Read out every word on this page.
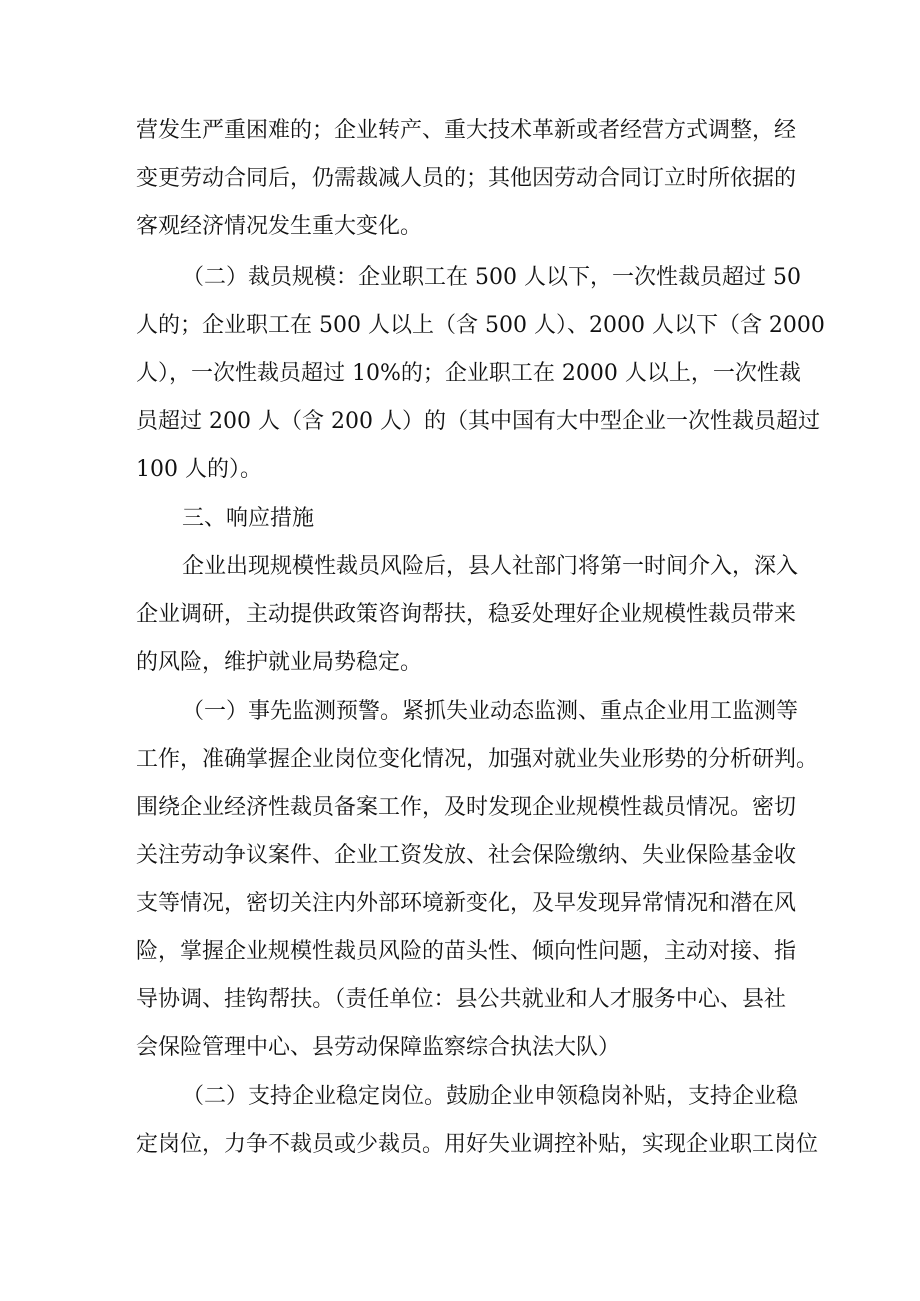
营发生严重困难的；企业转产、重大技术革新或者经营方式调整，经
变更劳动合同后，仍需裁减人员的；其他因劳动合同订立时所依据的
客观经济情况发生重大变化。
（二）裁员规模：企业职工在 500 人以下，一次性裁员超过 50
人的；企业职工在 500 人以上（含 500 人）、2000 人以下（含 2000
人），一次性裁员超过 10%的；企业职工在 2000 人以上，一次性裁
员超过 200 人（含 200 人）的（其中国有大中型企业一次性裁员超过
100 人的）。
三、响应措施
企业出现规模性裁员风险后，县人社部门将第一时间介入，深入
企业调研，主动提供政策咨询帮扶，稳妥处理好企业规模性裁员带来
的风险，维护就业局势稳定。
（一）事先监测预警。紧抓失业动态监测、重点企业用工监测等
工作，准确掌握企业岗位变化情况，加强对就业失业形势的分析研判。
围绕企业经济性裁员备案工作，及时发现企业规模性裁员情况。密切
关注劳动争议案件、企业工资发放、社会保险缴纳、失业保险基金收
支等情况，密切关注内外部环境新变化，及早发现异常情况和潜在风
险，掌握企业规模性裁员风险的苗头性、倾向性问题，主动对接、指
导协调、挂钩帮扶。（责任单位：县公共就业和人才服务中心、县社
会保险管理中心、县劳动保障监察综合执法大队）
（二）支持企业稳定岗位。鼓励企业申领稳岗补贴，支持企业稳
定岗位，力争不裁员或少裁员。用好失业调控补贴，实现企业职工岗位
